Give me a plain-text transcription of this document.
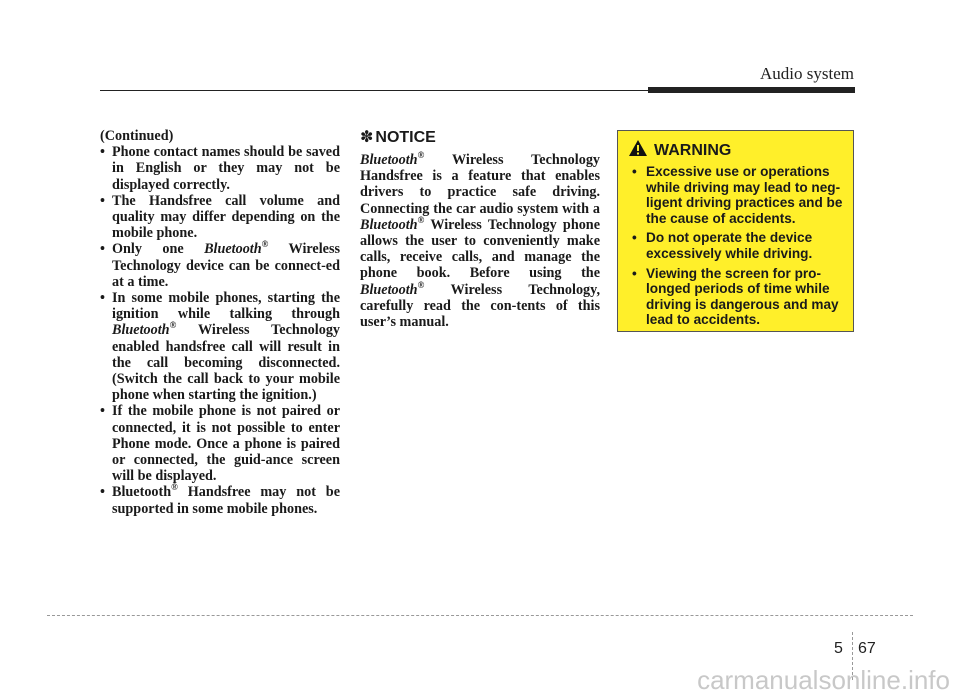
Audio system
(Continued)
• Phone contact names should be saved in English or they may not be displayed correctly.
• The Handsfree call volume and quality may differ depending on the mobile phone.
• Only one Bluetooth® Wireless Technology device can be connect-ed at a time.
• In some mobile phones, starting the ignition while talking through Bluetooth® Wireless Technology enabled handsfree call will result in the call becoming disconnected. (Switch the call back to your mobile phone when starting the ignition.)
• If the mobile phone is not paired or connected, it is not possible to enter Phone mode. Once a phone is paired or connected, the guid-ance screen will be displayed.
• Bluetooth® Handsfree may not be supported in some mobile phones.
✽ NOTICE
Bluetooth® Wireless Technology Handsfree is a feature that enables drivers to practice safe driving. Connecting the car audio system with a Bluetooth® Wireless Technology phone allows the user to conveniently make calls, receive calls, and manage the phone book. Before using the Bluetooth® Wireless Technology, carefully read the con-tents of this user’s manual.
WARNING
• Excessive use or operations while driving may lead to neg-ligent driving practices and be the cause of accidents.
• Do not operate the device excessively while driving.
• Viewing the screen for pro-longed periods of time while driving is dangerous and may lead to accidents.
5 67
carmanualsonline.info
